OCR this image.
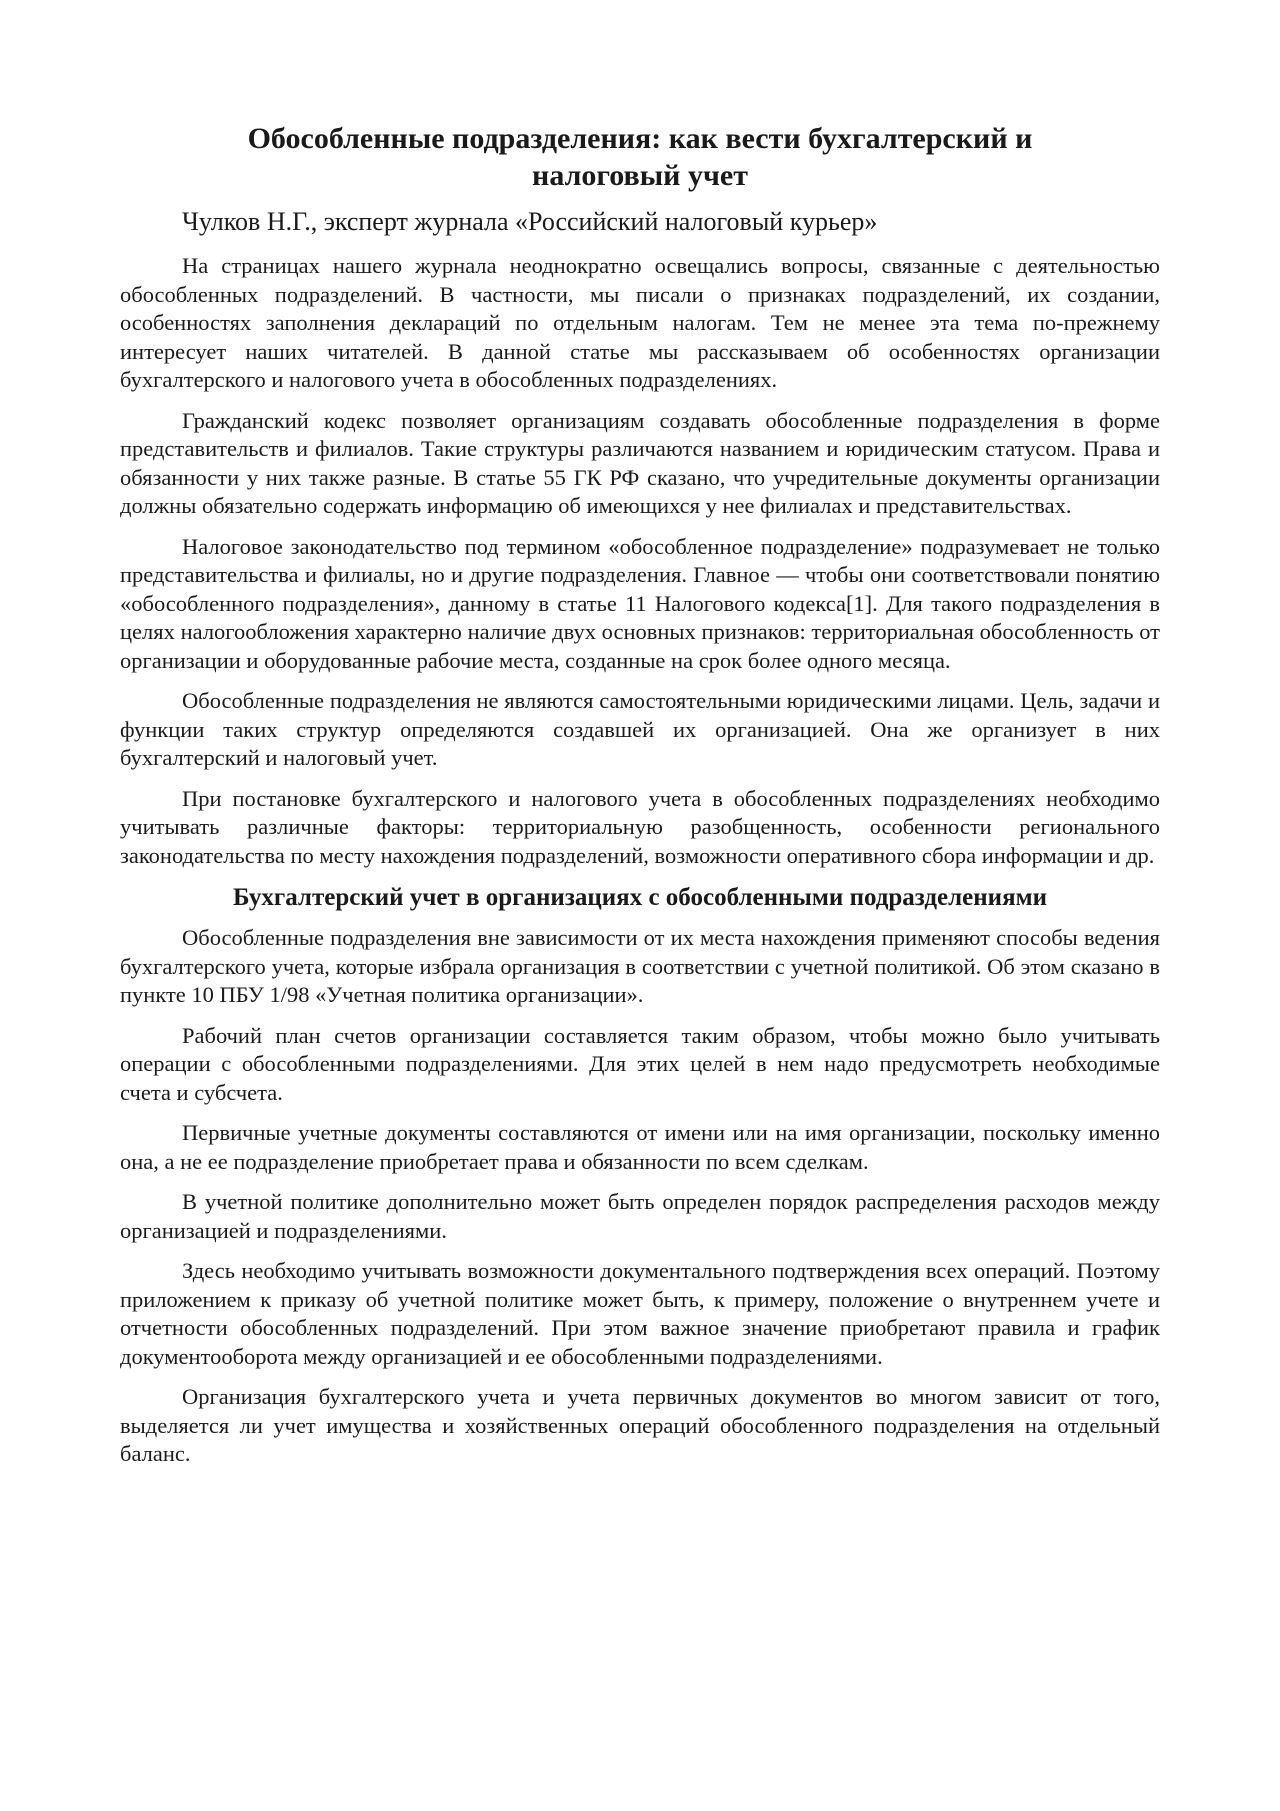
Обособленные подразделения: как вести бухгалтерский и налоговый учет

Чулков Н.Г., эксперт журнала «Российский налоговый курьер»

На страницах нашего журнала неоднократно освещались вопросы, связанные с деятельностью обособленных подразделений. В частности, мы писали о признаках подразделений, их создании, особенностях заполнения деклараций по отдельным налогам. Тем не менее эта тема по-прежнему интересует наших читателей. В данной статье мы рассказываем об особенностях организации бухгалтерского и налогового учета в обособленных подразделениях.

Гражданский кодекс позволяет организациям создавать обособленные подразделения в форме представительств и филиалов. Такие структуры различаются названием и юридическим статусом. Права и обязанности у них также разные. В статье 55 ГК РФ сказано, что учредительные документы организации должны обязательно содержать информацию об имеющихся у нее филиалах и представительствах.

Налоговое законодательство под термином «обособленное подразделение» подразумевает не только представительства и филиалы, но и другие подразделения. Главное — чтобы они соответствовали понятию «обособленного подразделения», данному в статье 11 Налогового кодекса[1]. Для такого подразделения в целях налогообложения характерно наличие двух основных признаков: территориальная обособленность от организации и оборудованные рабочие места, созданные на срок более одного месяца.

Обособленные подразделения не являются самостоятельными юридическими лицами. Цель, задачи и функции таких структур определяются создавшей их организацией. Она же организует в них бухгалтерский и налоговый учет.

При постановке бухгалтерского и налогового учета в обособленных подразделениях необходимо учитывать различные факторы: территориальную разобщенность, особенности регионального законодательства по месту нахождения подразделений, возможности оперативного сбора информации и др.

Бухгалтерский учет в организациях с обособленными подразделениями

Обособленные подразделения вне зависимости от их места нахождения применяют способы ведения бухгалтерского учета, которые избрала организация в соответствии с учетной политикой. Об этом сказано в пункте 10 ПБУ 1/98 «Учетная политика организации».

Рабочий план счетов организации составляется таким образом, чтобы можно было учитывать операции с обособленными подразделениями. Для этих целей в нем надо предусмотреть необходимые счета и субсчета.

Первичные учетные документы составляются от имени или на имя организации, поскольку именно она, а не ее подразделение приобретает права и обязанности по всем сделкам.

В учетной политике дополнительно может быть определен порядок распределения расходов между организацией и подразделениями.

Здесь необходимо учитывать возможности документального подтверждения всех операций. Поэтому приложением к приказу об учетной политике может быть, к примеру, положение о внутреннем учете и отчетности обособленных подразделений. При этом важное значение приобретают правила и график документооборота между организацией и ее обособленными подразделениями.

Организация бухгалтерского учета и учета первичных документов во многом зависит от того, выделяется ли учет имущества и хозяйственных операций обособленного подразделения на отдельный баланс.
